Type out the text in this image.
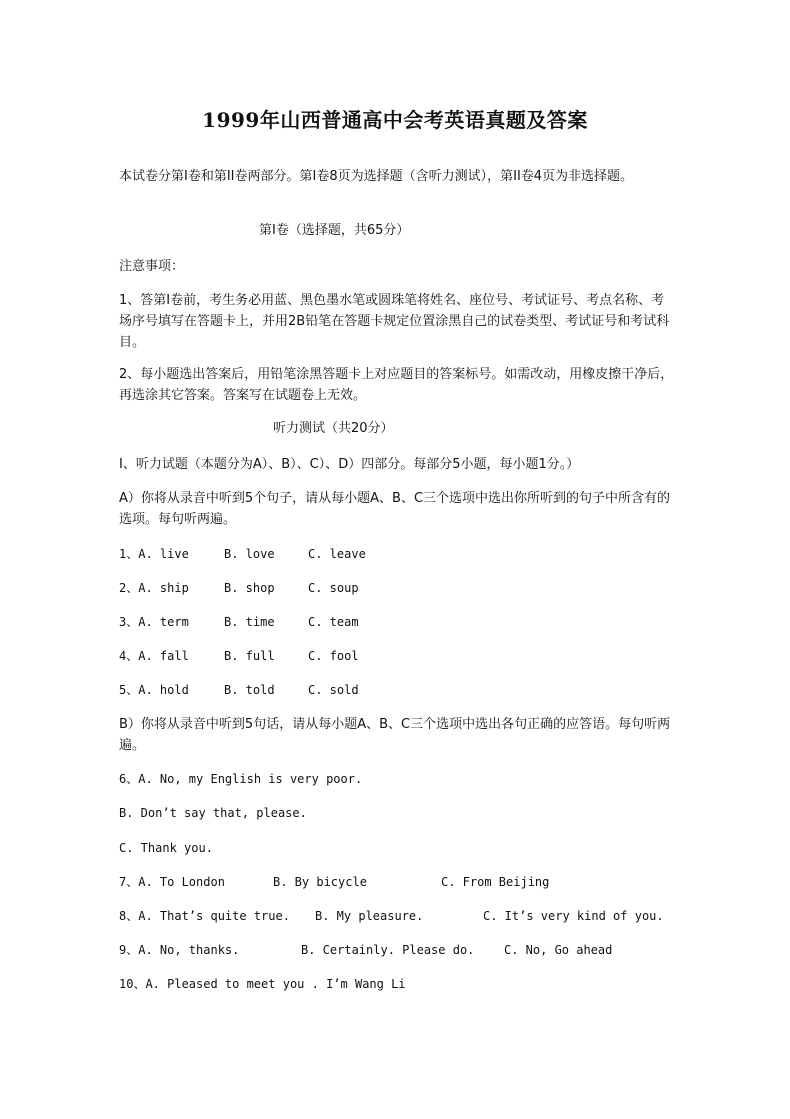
1999年山西普通高中会考英语真题及答案
本试卷分第Ⅰ卷和第II卷两部分。第Ⅰ卷8页为选择题（含听力测试），第II卷4页为非选择题。
第Ⅰ卷（选择题，共65分）
注意事项：
1、答第Ⅰ卷前，考生务必用蓝、黑色墨水笔或圆珠笔将姓名、座位号、考试证号、考点名称、考场序号填写在答题卡上，并用2B铅笔在答题卡规定位置涂黑自己的试卷类型、考试证号和考试科目。
2、每小题选出答案后，用铅笔涂黑答题卡上对应题目的答案标号。如需改动，用橡皮擦干净后，再选涂其它答案。答案写在试题卷上无效。
听力测试（共20分）
Ⅰ、听力试题（本题分为A）、B）、C）、D）四部分。每部分5小题，每小题1分。）
A）你将从录音中听到5个句子，请从每小题A、B、C三个选项中选出你所听到的句子中所含有的选项。每句听两遍。

1、A. live

	B. love

	C. leave

2、A. ship

	B. shop

	C. soup

3、A. term

	B. time

	C. team

4、A. fall

	B. full

	C. fool

5、A. hold

	B. told

	C. sold

B）你将从录音中听到5句话，请从每小题A、B、C三个选项中选出各句正确的应答语。每句听两遍。

6、A. No, my English is very poor.

B. Don’t say that, please.

C. Thank you.

7、A. To London

	B. By bicycle

	C. From Beijing

8、A. That’s quite true.

B. My pleasure.

	C. It’s very kind of you.

9、A. No, thanks.

	B. Certainly. Please do.

C. No, Go ahead

10、A. Pleased to meet you . I’m Wang Li
